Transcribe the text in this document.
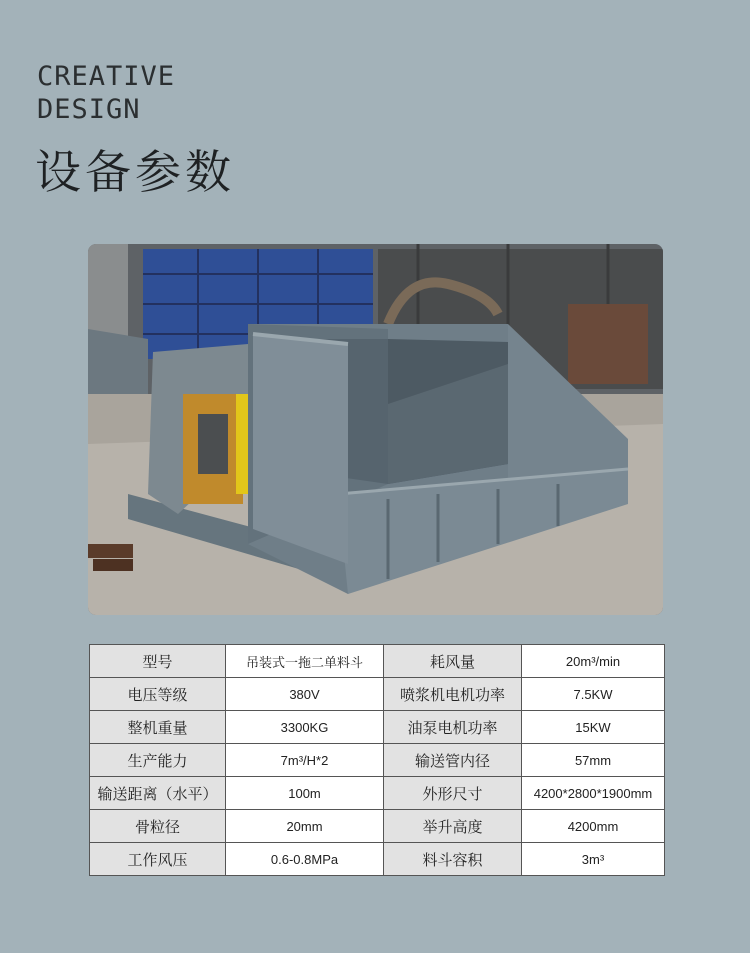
CREATIVE
DESIGN
设备参数
型号	吊装式一拖二单料斗	耗风量	20m³/min
电压等级	380V	喷浆机电机功率	7.5KW
整机重量	3300KG	油泵电机功率	15KW
生产能力	7m³/H*2	输送管内径	57mm
输送距离（水平）	100m	外形尺寸	4200*2800*1900mm
骨粒径	20mm	举升高度	4200mm
工作风压	0.6-0.8MPa	料斗容积	3m³
